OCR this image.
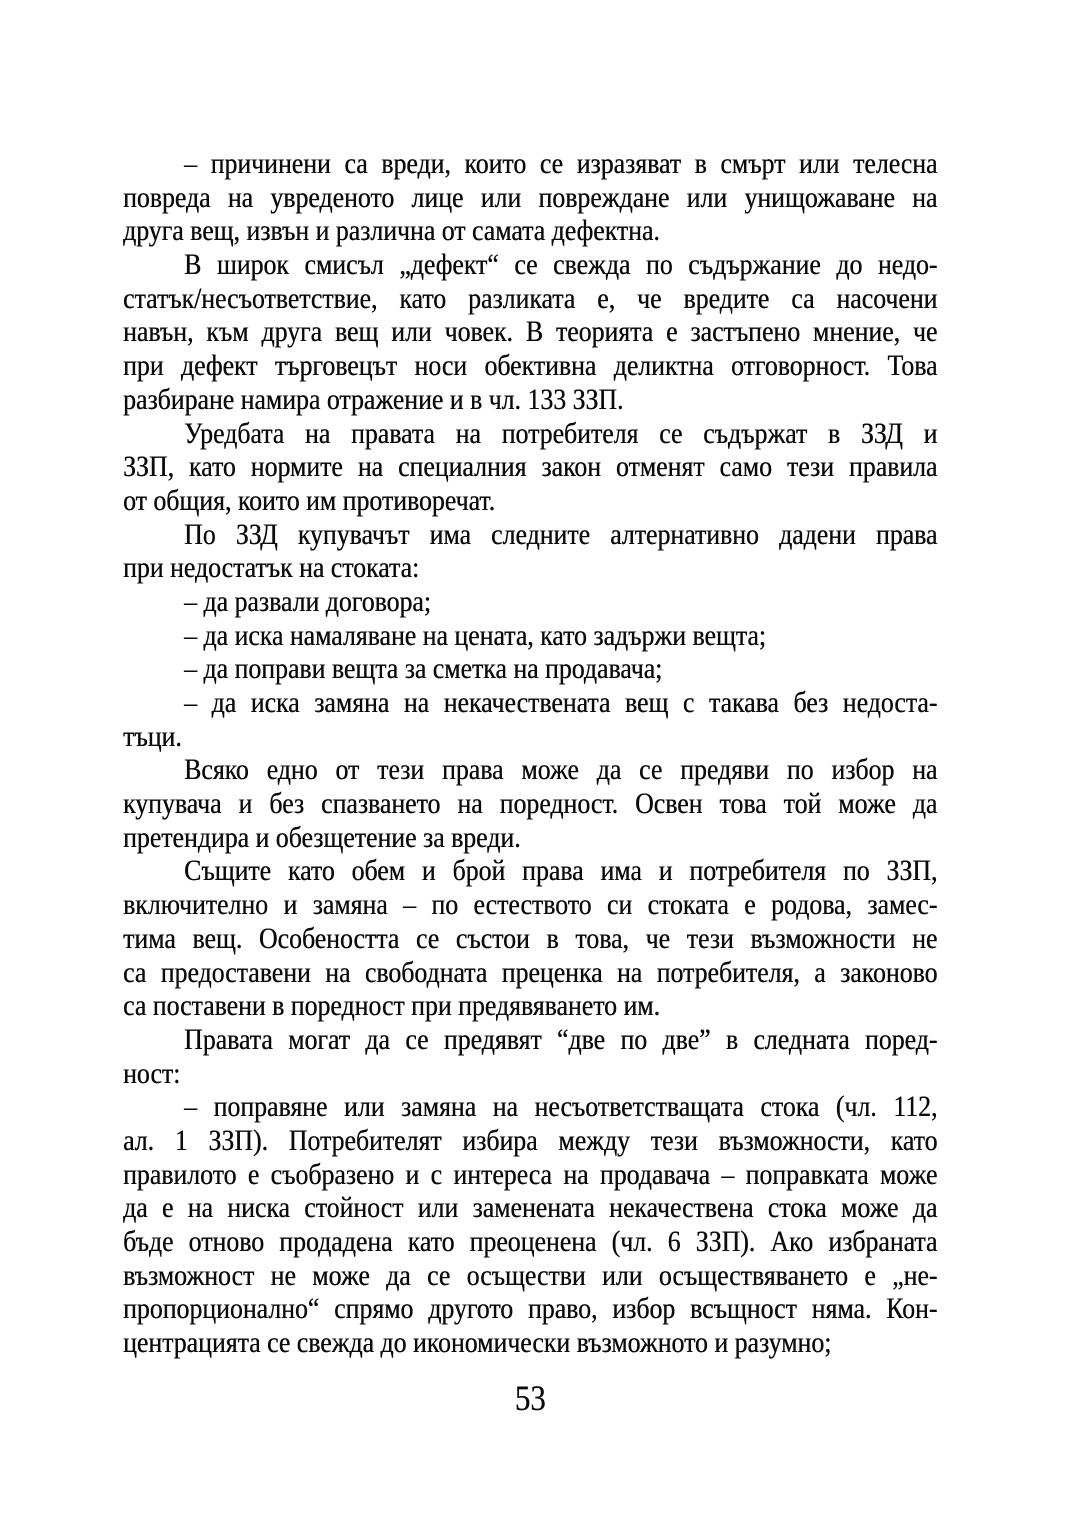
– причинени са вреди, които се изразяват в смърт или телесна
повреда на увреденото лице или повреждане или унищожаване на
друга вещ, извън и различна от самата дефектна.
В широк смисъл „дефект“ се свежда по съдържание до недо-
статък/несъответствие, като разликата е, че вредите са насочени
навън, към друга вещ или човек. В теорията е застъпено мнение, че
при дефект търговецът носи обективна деликтна отговорност. Това
разбиране намира отражение и в чл. 133 ЗЗП.
Уредбата на правата на потребителя се съдържат в ЗЗД и
ЗЗП, като нормите на специалния закон отменят само тези правила
от общия, които им противоречат.
По ЗЗД купувачът има следните алтернативно дадени права
при недостатък на стоката:
– да развали договора;
– да иска намаляване на цената, като задържи вещта;
– да поправи вещта за сметка на продавача;
– да иска замяна на некачествената вещ с такава без недоста-
тъци.
Всяко едно от тези права може да се предяви по избор на
купувача и без спазването на поредност. Освен това той може да
претендира и обезщетение за вреди.
Същите като обем и брой права има и потребителя по ЗЗП,
включително и замяна – по естеството си стоката е родова, замес-
тима вещ. Особеността се състои в това, че тези възможности не
са предоставени на свободната преценка на потребителя, а законово
са поставени в поредност при предявяването им.
Правата могат да се предявят “две по две” в следната поред-
ност:
– поправяне или замяна на несъответстващата стока (чл. 112,
ал. 1 ЗЗП). Потребителят избира между тези възможности, като
правилото е съобразено и с интереса на продавача – поправката може
да е на ниска стойност или заменената некачествена стока може да
бъде отново продадена като преоценена (чл. 6 ЗЗП). Ако избраната
възможност не може да се осъществи или осъществяването е „не-
пропорционално“ спрямо другото право, избор всъщност няма. Кон-
центрацията се свежда до икономически възможното и разумно;
53
